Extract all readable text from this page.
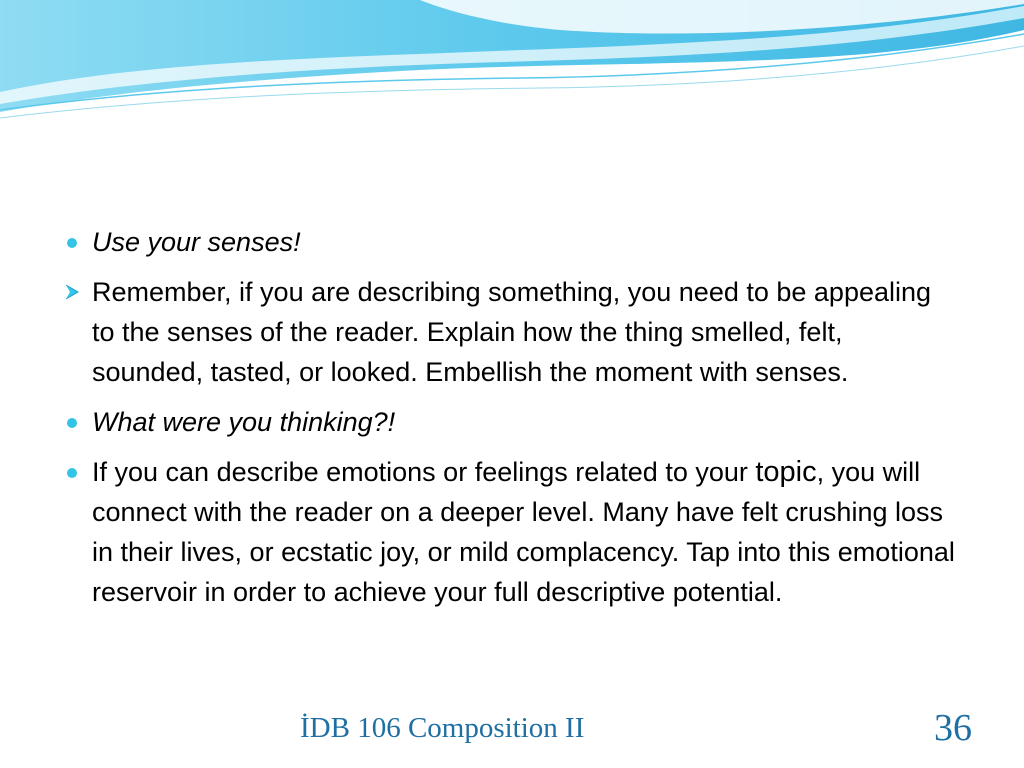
Use your senses!
Remember, if you are describing something, you need to be appealing to the senses of the reader. Explain how the thing smelled, felt, sounded, tasted, or looked. Embellish the moment with senses.
What were you thinking?!
If you can describe emotions or feelings related to your topic, you will connect with the reader on a deeper level. Many have felt crushing loss in their lives, or ecstatic joy, or mild complacency. Tap into this emotional reservoir in order to achieve your full descriptive potential.
İDB 106 Composition II	36
